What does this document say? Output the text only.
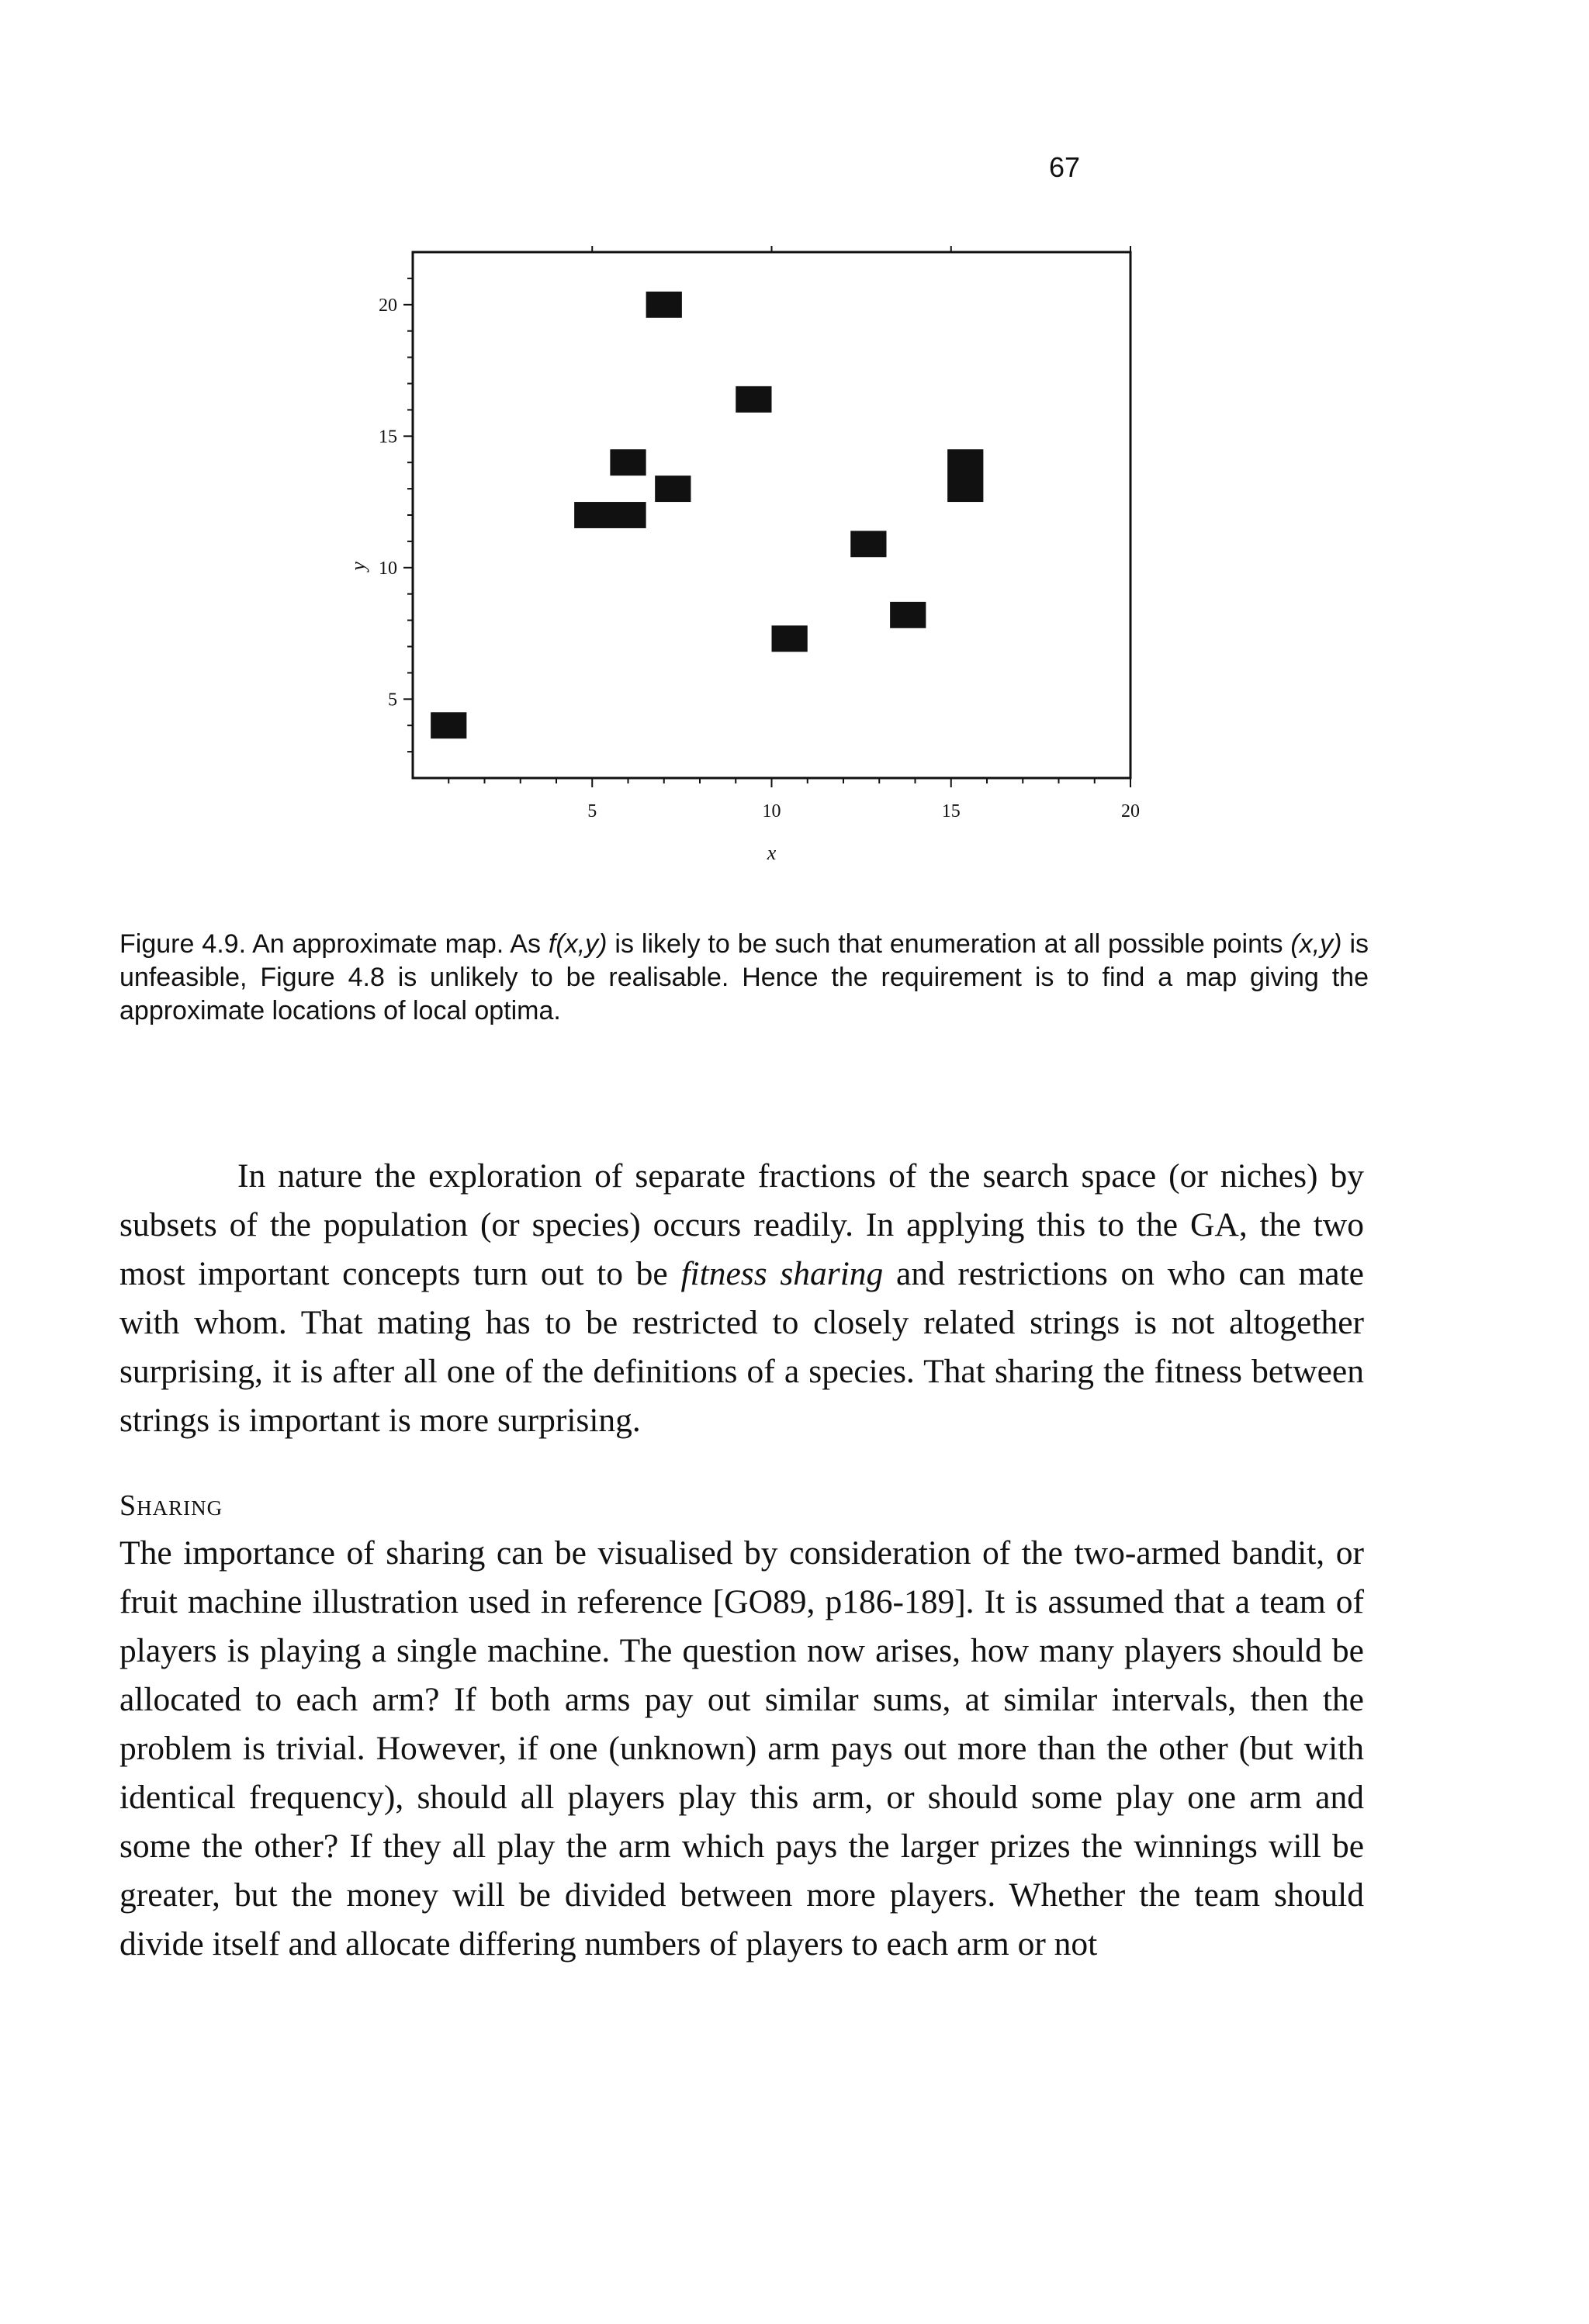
67
5	10	15	20
5
10
15
20
x
y
Figure 4.9. An approximate map. As f(x,y) is likely to be such that enumeration at all possible points (x,y) is unfeasible, Figure 4.8 is unlikely to be realisable. Hence the requirement is to find a map giving the approximate locations of local optima.

In nature the exploration of separate fractions of the search space (or niches) by subsets of the population (or species) occurs readily. In applying this to the GA, the two most important concepts turn out to be fitness sharing and restrictions on who can mate with whom. That mating has to be restricted to closely related strings is not altogether surprising, it is after all one of the definitions of a species. That sharing the fitness between strings is important is more surprising.

Sharing

The importance of sharing can be visualised by consideration of the two-armed bandit, or fruit machine illustration used in reference [GO89, p186-189]. It is assumed that a team of players is playing a single machine. The question now arises, how many players should be allocated to each arm? If both arms pay out similar sums, at similar intervals, then the problem is trivial. However, if one (unknown) arm pays out more than the other (but with identical frequency), should all players play this arm, or should some play one arm and some the other? If they all play the arm which pays the larger prizes the winnings will be greater, but the money will be divided between more players. Whether the team should divide itself and allocate differing numbers of players to each arm or not
